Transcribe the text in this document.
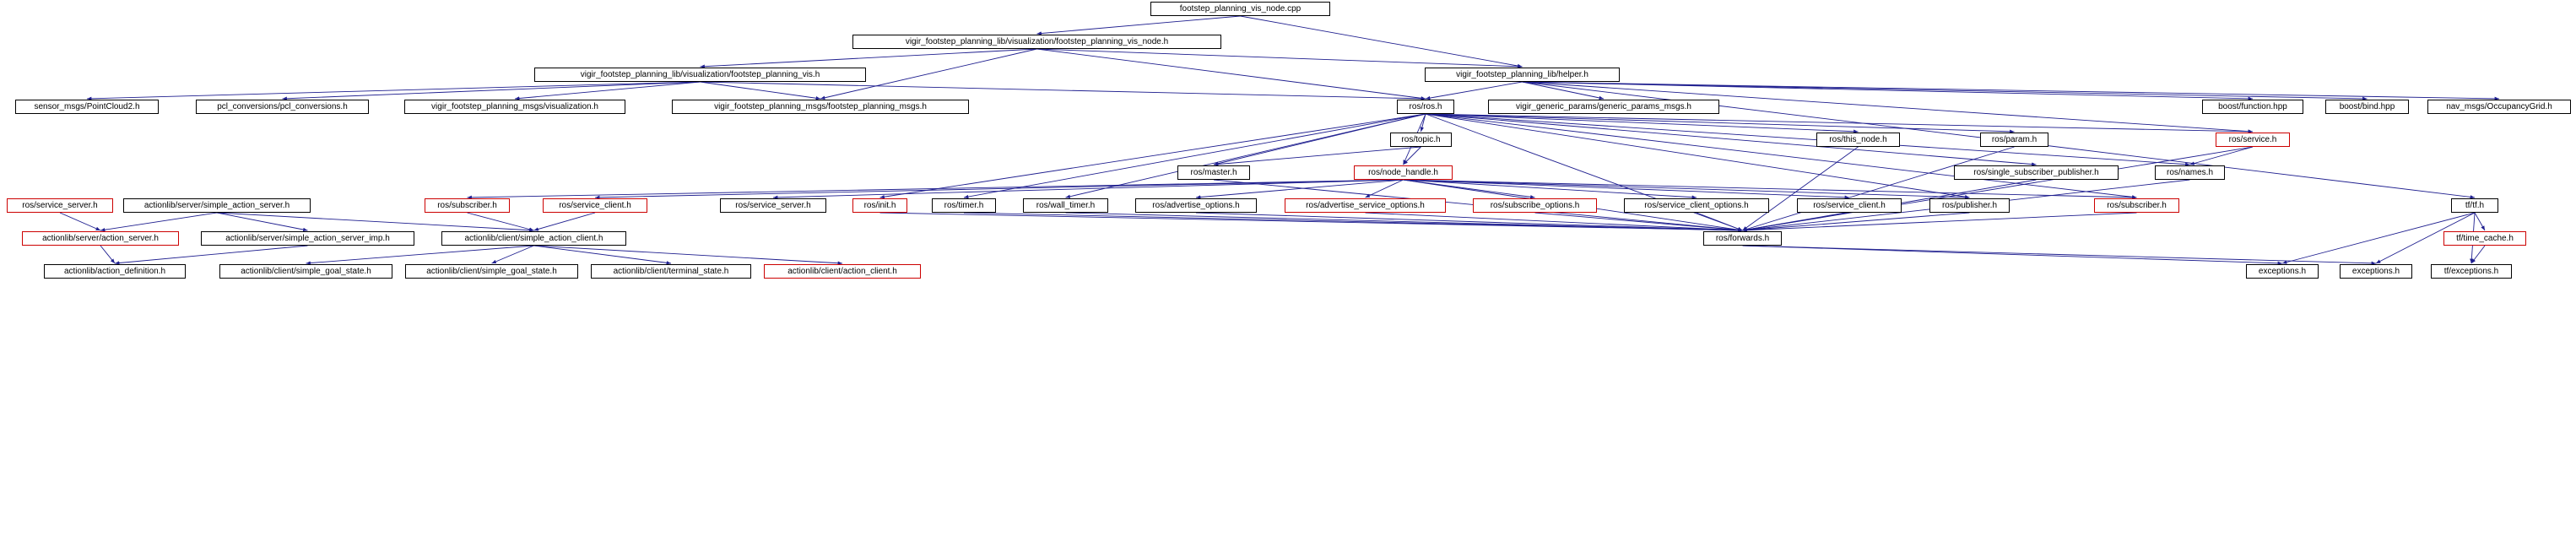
footstep_planning_vis_node.cpp
vigir_footstep_planning_lib/visualization/footstep_planning_vis_node.h
vigir_footstep_planning_lib/visualization/footstep_planning_vis.h	vigir_footstep_planning_lib/helper.h
sensor_msgs/PointCloud2.h	pcl_conversions/pcl_conversions.h	vigir_footstep_planning_msgs/visualization.h	vigir_footstep_planning_msgs/footstep_planning_msgs.h	ros/ros.h	vigir_generic_params/generic_params_msgs.h	boost/function.hpp	boost/bind.hpp	nav_msgs/OccupancyGrid.h
ros/topic.h	ros/this_node.h	ros/param.h	ros/service.h
ros/master.h	ros/node_handle.h	ros/single_subscriber_publisher.h	ros/names.h
ros/service_server.h	actionlib/server/simple_action_server.h	ros/subscriber.h	ros/service_client.h	ros/service_server.h	ros/init.h	ros/timer.h	ros/wall_timer.h	ros/advertise_options.h	ros/advertise_service_options.h	ros/subscribe_options.h	ros/service_client_options.h	ros/service_client.h	ros/publisher.h	ros/subscriber.h	tf/tf.h
actionlib/server/action_server.h	actionlib/server/simple_action_server_imp.h	actionlib/client/simple_action_client.h	ros/forwards.h	tf/time_cache.h
actionlib/action_definition.h	actionlib/client/simple_goal_state.h	actionlib/client/simple_goal_state.h	actionlib/client/terminal_state.h	actionlib/client/action_client.h	exceptions.h	exceptions.h	tf/exceptions.h
